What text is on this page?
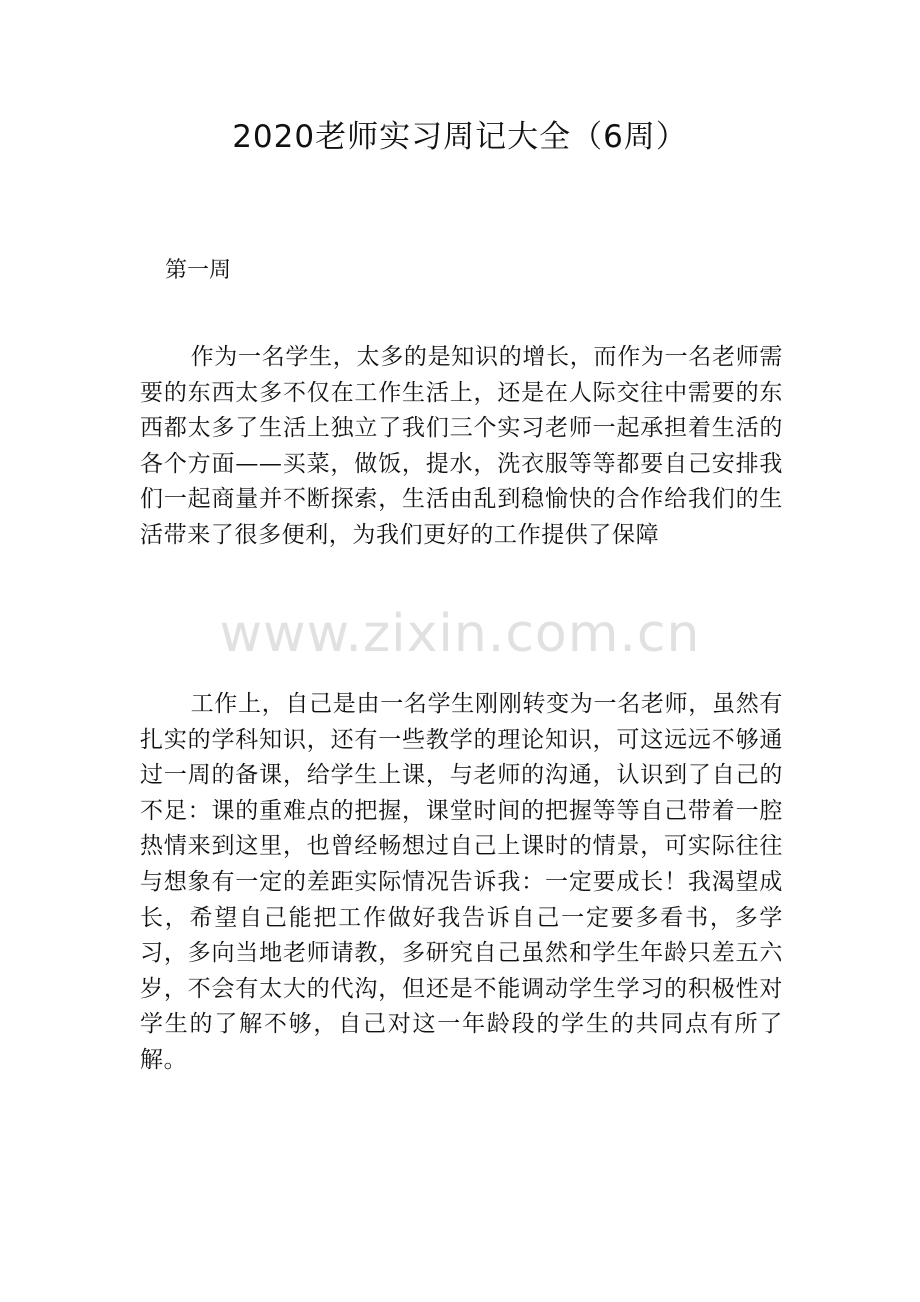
2020老师实习周记大全（6周）

第一周

作为一名学生，太多的是知识的增长，而作为一名老师需要的东西太多不仅在工作生活上，还是在人际交往中需要的东西都太多了生活上独立了我们三个实习老师一起承担着生活的各个方面——买菜，做饭，提水，洗衣服等等都要自己安排我们一起商量并不断探索，生活由乱到稳愉快的合作给我们的生活带来了很多便利，为我们更好的工作提供了保障

工作上，自己是由一名学生刚刚转变为一名老师，虽然有扎实的学科知识，还有一些教学的理论知识，可这远远不够通过一周的备课，给学生上课，与老师的沟通，认识到了自己的不足：课的重难点的把握，课堂时间的把握等等自己带着一腔热情来到这里，也曾经畅想过自己上课时的情景，可实际往往与想象有一定的差距实际情况告诉我：一定要成长！我渴望成长，希望自己能把工作做好我告诉自己一定要多看书，多学习，多向当地老师请教，多研究自己虽然和学生年龄只差五六岁，不会有太大的代沟，但还是不能调动学生学习的积极性对学生的了解不够，自己对这一年龄段的学生的共同点有所了解。

www.zixin.com.cn
